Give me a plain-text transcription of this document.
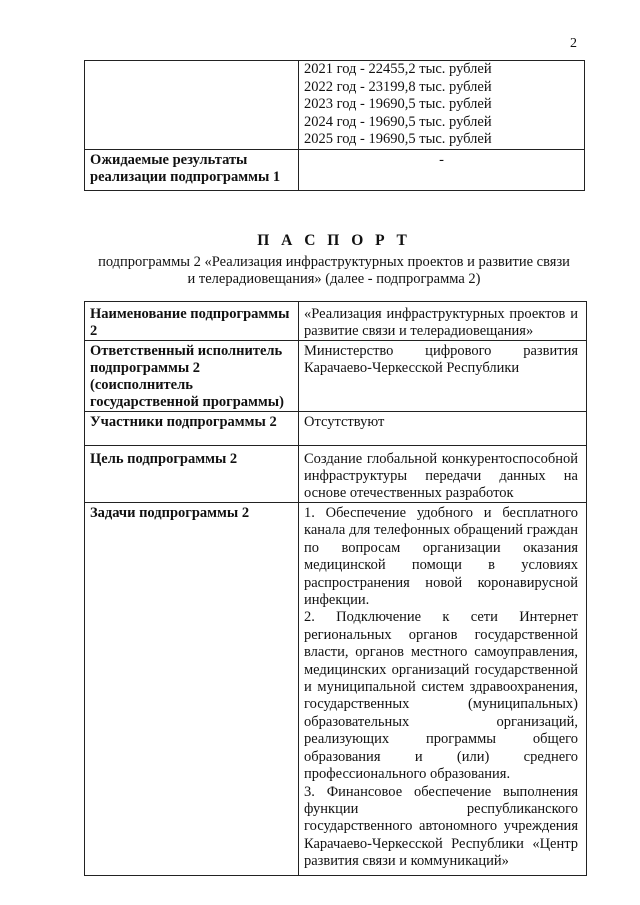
2

	2021 год - 22455,2 тыс. рублей
2022 год - 23199,8 тыс. рублей
2023 год - 19690,5 тыс. рублей
2024 год - 19690,5 тыс. рублей
2025 год - 19690,5 тыс. рублей

Ожидаемые результаты реализации подпрограммы 1	-
П А С П О Р Т
подпрограммы 2 «Реализация инфраструктурных проектов и развитие связи и телерадиовещания» (далее - подпрограмма 2)
Наименование подпрограммы 2	«Реализация инфраструктурных проектов и развитие связи и телерадиовещания»
Ответственный исполнитель подпрограммы 2 (соисполнитель государственной программы)	Министерство цифрового развития Карачаево-Черкесской Республики
Участники подпрограммы 2	Отсутствуют
Цель подпрограммы 2	Создание глобальной конкурентоспособной инфраструктуры передачи данных на основе отечественных разработок
Задачи подпрограммы 2	1. Обеспечение удобного и бесплатного канала для телефонных обращений граждан по вопросам организации оказания медицинской помощи в условиях распространения новой коронавирусной инфекции.
2. Подключение к сети Интернет региональных органов государственной власти, органов местного самоуправления, медицинских организаций государственной и муниципальной систем здравоохранения, государственных (муниципальных) образовательных организаций, реализующих программы общего образования и (или) среднего профессионального образования.
3. Финансовое обеспечение выполнения функции республиканского государственного автономного учреждения Карачаево-Черкесской Республики «Центр развития связи и коммуникаций»
